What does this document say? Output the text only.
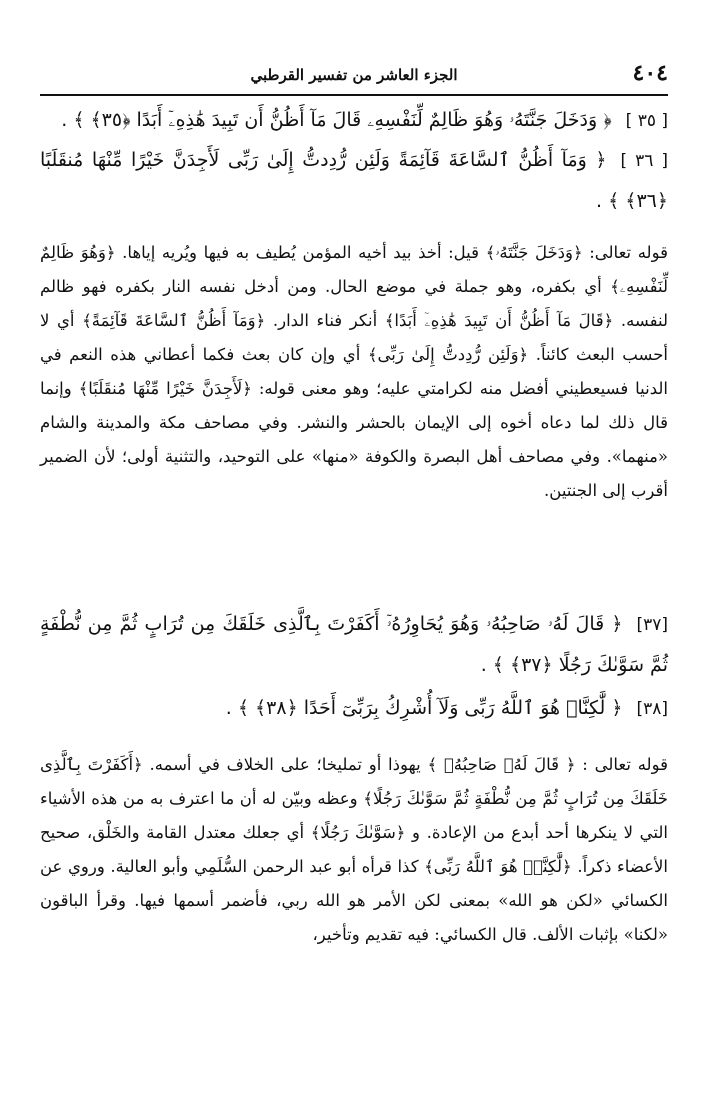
٤٠٤
الجزء العاشر من تفسير القرطبي
[ ٣٥ ]﴿ وَدَخَلَ جَنَّتَهُۥ وَهُوَ ظَالِمٌ لِّنَفْسِهِۦ قَالَ مَآ أَظُنُّ أَن تَبِيدَ هَٰذِهِۦٓ أَبَدًا ﴿٣٥﴾ ﴾ .
[ ٣٦ ]﴿ وَمَآ أَظُنُّ ٱلسَّاعَةَ قَآئِمَةً وَلَئِن رُّدِدتُّ إِلَىٰ رَبِّى لَأَجِدَنَّ خَيْرًا مِّنْهَا مُنقَلَبًا ﴿٣٦﴾ ﴾ .
قوله تعالى: ﴿وَدَخَلَ جَنَّتَهُۥ﴾ قيل: أخذ بيد أخيه المؤمن يُطيف به فيها ويُريه إياها. ﴿وَهُوَ ظَالِمٌ لِّنَفْسِهِۦ﴾ أي بكفره، وهو جملة في موضع الحال. ومن أدخل نفسه النار بكفره فهو ظالم لنفسه. ﴿قَالَ مَآ أَظُنُّ أَن تَبِيدَ هَٰذِهِۦٓ أَبَدًا﴾ أنكر فناء الدار. ﴿وَمَآ أَظُنُّ ٱلسَّاعَةَ قَآئِمَةً﴾ أي لا أحسب البعث كائناً. ﴿وَلَئِن رُّدِدتُّ إِلَىٰ رَبِّى﴾ أي وإن كان بعث فكما أعطاني هذه النعم في الدنيا فسيعطيني أفضل منه لكرامتي عليه؛ وهو معنى قوله: ﴿لَأَجِدَنَّ خَيْرًا مِّنْهَا مُنقَلَبًا﴾ وإنما قال ذلك لما دعاه أخوه إلى الإيمان بالحشر والنشر. وفي مصاحف مكة والمدينة والشام «منهما». وفي مصاحف أهل البصرة والكوفة «منها» على التوحيد، والتثنية أولى؛ لأن الضمير أقرب إلى الجنتين.
[٣٧]﴿ قَالَ لَهُۥ صَاحِبُهُۥ وَهُوَ يُحَاوِرُهُۥٓ أَكَفَرْتَ بِٱلَّذِى خَلَقَكَ مِن تُرَابٍ ثُمَّ مِن نُّطْفَةٍ ثُمَّ سَوَّىٰكَ رَجُلًا ﴿٣٧﴾ ﴾ .
[٣٨]﴿ لَّٰكِنَّا۠ هُوَ ٱللَّهُ رَبِّى وَلَآ أُشْرِكُ بِرَبِّىٓ أَحَدًا ﴿٣٨﴾ ﴾ .
قوله تعالى : ﴿ قَالَ لَهُۥ صَاحِبُهُۥ ﴾ يهوذا أو تمليخا؛ على الخلاف في أسمه. ﴿أَكَفَرْتَ بِٱلَّذِى خَلَقَكَ مِن تُرَابٍ ثُمَّ مِن نُّطْفَةٍ ثُمَّ سَوَّىٰكَ رَجُلًا﴾ وعظه وبيّن له أن ما اعترف به من هذه الأشياء التي لا ينكرها أحد أبدع من الإعادة. و ﴿سَوَّىٰكَ رَجُلًا﴾ أي جعلك معتدل القامة والخَلْق، صحيح الأعضاء ذكراً. ﴿لَّٰكِنَّا۠ هُوَ ٱللَّهُ رَبِّى﴾ كذا قرأه أبو عبد الرحمن السُّلَمِي وأبو العالية. وروي عن الكسائي «لكن هو الله» بمعنى لكن الأمر هو الله ربي، فأضمر أسمها فيها. وقرأ الباقون «لكنا» بإثبات الألف. قال الكسائي: فيه تقديم وتأخير،
